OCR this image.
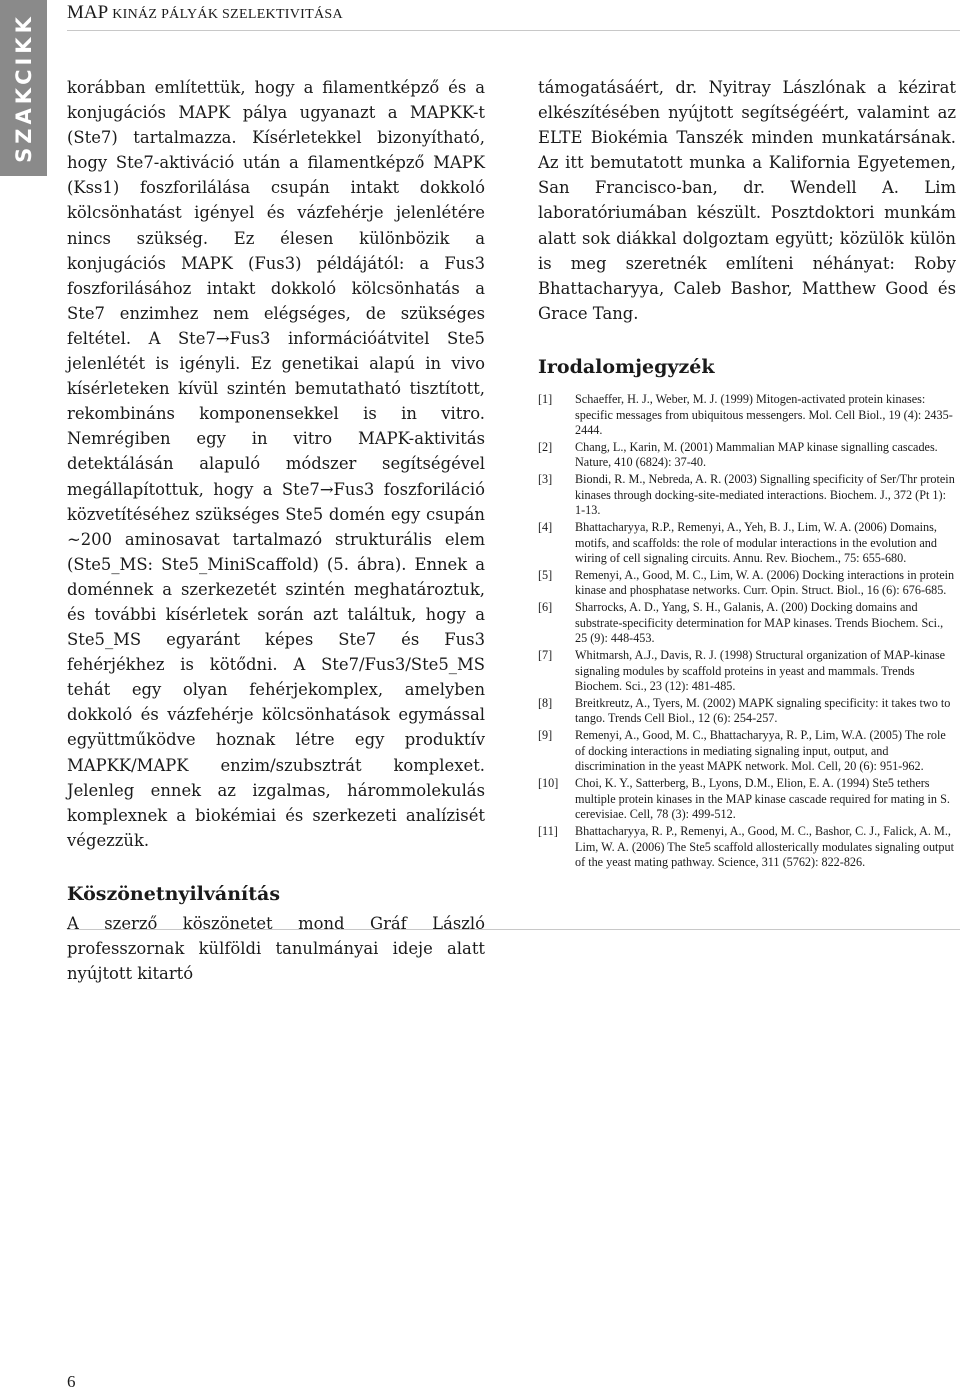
SZAKCIKK

MAP KINÁZ PÁLYÁK SZELEKTIVITÁSA

korábban említettük, hogy a filamentképző és a konjugációs MAPK pálya ugyanazt a MAPKK-t (Ste7) tartalmazza. Kísérletekkel bizonyítható, hogy Ste7-aktiváció után a filamentképző MAPK (Kss1) foszforilálása csupán intakt dokkoló kölcsönhatást igényel és vázfehérje jelenlétére nincs szükség. Ez élesen különbözik a konjugációs MAPK (Fus3) példájától: a Fus3 foszforilásához intakt dokkoló kölcsönhatás a Ste7 enzimhez nem elégséges, de szükséges feltétel. A Ste7→Fus3 információátvitel Ste5 jelenlétét is igényli. Ez genetikai alapú in vivo kísérleteken kívül szintén bemutatható tisztított, rekombináns komponensekkel is in vitro. Nemrégiben egy in vitro MAPK-aktivitás detektálásán alapuló módszer segítségével megállapítottuk, hogy a Ste7→Fus3 foszforiláció közvetítéséhez szükséges Ste5 domén egy csupán ~200 aminosavat tartalmazó strukturális elem (Ste5_MS: Ste5_MiniScaffold) (5. ábra). Ennek a doménnek a szerkezetét szintén meghatároztuk, és további kísérletek során azt találtuk, hogy a Ste5_MS egyaránt képes Ste7 és Fus3 fehérjékhez is kötődni. A Ste7/Fus3/Ste5_MS tehát egy olyan fehérjekomplex, amelyben dokkoló és vázfehérje kölcsönhatások egymással együttműködve hoznak létre egy produktív MAPKK/MAPK enzim/szubsztrát komplexet. Jelenleg ennek az izgalmas, hárommolekulás komplexnek a biokémiai és szerkezeti analízisét végezzük.

Köszönetnyilvánítás

A szerző köszönetet mond Gráf László professzornak külföldi tanulmányai ideje alatt nyújtott kitartó

támogatásáért, dr. Nyitray Lászlónak a kézirat elkészítésében nyújtott segítségéért, valamint az ELTE Biokémia Tanszék minden munkatársának. Az itt bemutatott munka a Kalifornia Egyetemen, San Francisco-ban, dr. Wendell A. Lim laboratóriumában készült. Posztdoktori munkám alatt sok diákkal dolgoztam együtt; közülök külön is meg szeretnék említeni néhányat: Roby Bhattacharyya, Caleb Bashor, Matthew Good és Grace Tang.

Irodalomjegyzék
[1]	Schaeffer, H. J., Weber, M. J. (1999) Mitogen-activated protein kinases: specific messages from ubiquitous messengers. Mol. Cell Biol., 19 (4): 2435-2444.
[2]	Chang, L., Karin, M. (2001) Mammalian MAP kinase signalling cascades. Nature, 410 (6824): 37-40.
[3]	Biondi, R. M., Nebreda, A. R. (2003) Signalling specificity of Ser/Thr protein kinases through docking-site-mediated interactions. Biochem. J., 372 (Pt 1): 1-13.
[4]	Bhattacharyya, R.P., Remenyi, A., Yeh, B. J., Lim, W. A. (2006) Domains, motifs, and scaffolds: the role of modular interactions in the evolution and wiring of cell signaling circuits. Annu. Rev. Biochem., 75: 655-680.
[5]	Remenyi, A., Good, M. C., Lim, W. A. (2006) Docking interactions in protein kinase and phosphatase networks. Curr. Opin. Struct. Biol., 16 (6): 676-685.
[6]	Sharrocks, A. D., Yang, S. H., Galanis, A. (200) Docking domains and substrate-specificity determination for MAP kinases. Trends Biochem. Sci., 25 (9): 448-453.
[7]	Whitmarsh, A.J., Davis, R. J. (1998) Structural organization of MAP-kinase signaling modules by scaffold proteins in yeast and mammals. Trends Biochem. Sci., 23 (12): 481-485.
[8]	Breitkreutz, A., Tyers, M. (2002) MAPK signaling specificity: it takes two to tango. Trends Cell Biol., 12 (6): 254-257.
[9]	Remenyi, A., Good, M. C., Bhattacharyya, R. P., Lim, W.A. (2005) The role of docking interactions in mediating signaling input, output, and discrimination in the yeast MAPK network. Mol. Cell, 20 (6): 951-962.
[10]	Choi, K. Y., Satterberg, B., Lyons, D.M., Elion, E. A. (1994) Ste5 tethers multiple protein kinases in the MAP kinase cascade required for mating in S. cerevisiae. Cell, 78 (3): 499-512.
[11]	Bhattacharyya, R. P., Remenyi, A., Good, M. C., Bashor, C. J., Falick, A. M., Lim, W. A. (2006) The Ste5 scaffold allosterically modulates signaling output of the yeast mating pathway. Science, 311 (5762): 822-826.
6
